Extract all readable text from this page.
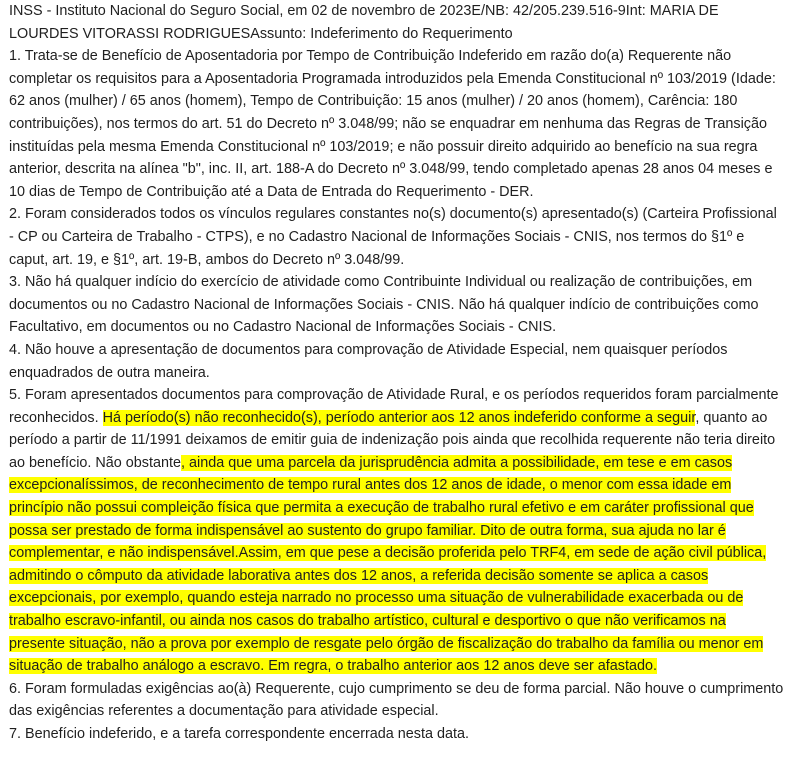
INSS - Instituto Nacional do Seguro Social, em 02 de novembro de 2023E/NB: 42/205.239.516-9Int: MARIA DE LOURDES VITORASSI RODRIGUESAssunto: Indeferimento do Requerimento

1. Trata-se de Benefício de Aposentadoria por Tempo de Contribuição Indeferido em razão do(a) Requerente não completar os requisitos para a Aposentadoria Programada introduzidos pela Emenda Constitucional nº 103/2019 (Idade: 62 anos (mulher) / 65 anos (homem), Tempo de Contribuição: 15 anos (mulher) / 20 anos (homem), Carência: 180 contribuições), nos termos do art. 51 do Decreto nº 3.048/99; não se enquadrar em nenhuma das Regras de Transição instituídas pela mesma Emenda Constitucional nº 103/2019; e não possuir direito adquirido ao benefício na sua regra anterior, descrita na alínea "b", inc. II, art. 188-A do Decreto nº 3.048/99, tendo completado apenas 28 anos 04 meses e 10 dias de Tempo de Contribuição até a Data de Entrada do Requerimento - DER.

2. Foram considerados todos os vínculos regulares constantes no(s) documento(s) apresentado(s) (Carteira Profissional - CP ou Carteira de Trabalho - CTPS), e no Cadastro Nacional de Informações Sociais - CNIS, nos termos do §1º e caput, art. 19, e §1º, art. 19-B, ambos do Decreto nº 3.048/99.

3. Não há qualquer indício do exercício de atividade como Contribuinte Individual ou realização de contribuições, em documentos ou no Cadastro Nacional de Informações Sociais - CNIS. Não há qualquer indício de contribuições como Facultativo, em documentos ou no Cadastro Nacional de Informações Sociais - CNIS.

4. Não houve a apresentação de documentos para comprovação de Atividade Especial, nem quaisquer períodos enquadrados de outra maneira.

5. Foram apresentados documentos para comprovação de Atividade Rural, e os períodos requeridos foram parcialmente reconhecidos. Há período(s) não reconhecido(s), período anterior aos 12 anos indeferido conforme a seguir, quanto ao período a partir de 11/1991 deixamos de emitir guia de indenização pois ainda que recolhida requerente não teria direito ao benefício. Não obstante, ainda que uma parcela da jurisprudência admita a possibilidade, em tese e em casos excepcionalíssimos, de reconhecimento de tempo rural antes dos 12 anos de idade, o menor com essa idade em princípio não possui compleição física que permita a execução de trabalho rural efetivo e em caráter profissional que possa ser prestado de forma indispensável ao sustento do grupo familiar. Dito de outra forma, sua ajuda no lar é complementar, e não indispensável.Assim, em que pese a decisão proferida pelo TRF4, em sede de ação civil pública, admitindo o cômputo da atividade laborativa antes dos 12 anos, a referida decisão somente se aplica a casos excepcionais, por exemplo, quando esteja narrado no processo uma situação de vulnerabilidade exacerbada ou de trabalho escravo-infantil, ou ainda nos casos do trabalho artístico, cultural e desportivo o que não verificamos na presente situação, não a prova por exemplo de resgate pelo órgão de fiscalização do trabalho da família ou menor em situação de trabalho análogo a escravo. Em regra, o trabalho anterior aos 12 anos deve ser afastado.

6. Foram formuladas exigências ao(à) Requerente, cujo cumprimento se deu de forma parcial. Não houve o cumprimento das exigências referentes a documentação para atividade especial.

7. Benefício indeferido, e a tarefa correspondente encerrada nesta data.
